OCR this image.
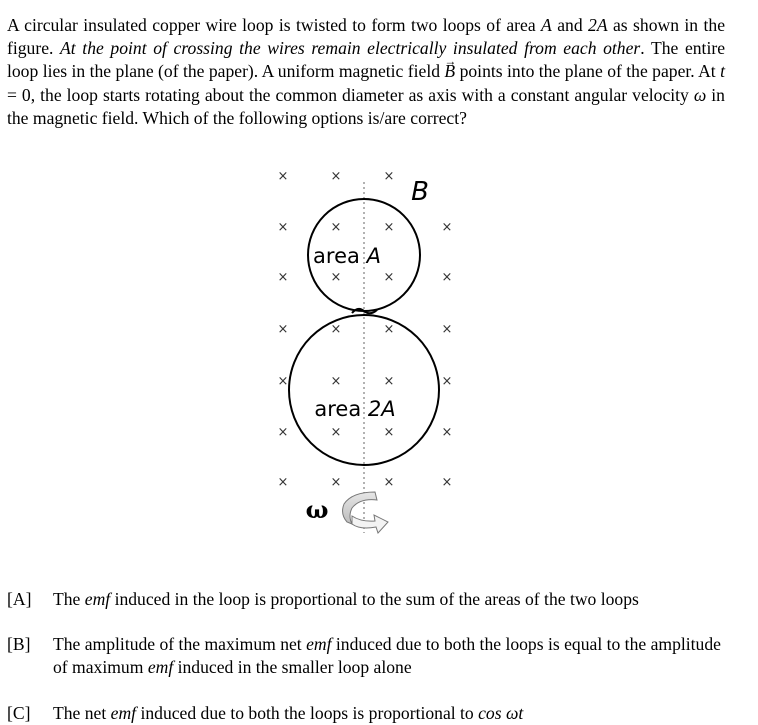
A circular insulated copper wire loop is twisted to form two loops of area A and 2A as shown in the figure. At the point of crossing the wires remain electrically insulated from each other. The entire loop lies in the plane (of the paper). A uniform magnetic field → B points into the plane of the paper. At t = 0, the loop starts rotating about the common diameter as axis with a constant angular velocity ω in the magnetic field. Which of the following options is/are correct?

×	×	×
×	×	×	×
×	×	×	×
×	×	×	×
×	×	×	×
×	×	×	×
×	×	×	×
B
area A
area 2A
ω
[A] The emf induced in the loop is proportional to the sum of the areas of the two loops
[B] The amplitude of the maximum net emf induced due to both the loops is equal to the amplitude of maximum emf induced in the smaller loop alone
[C] The net emf induced due to both the loops is proportional to cos ωt
